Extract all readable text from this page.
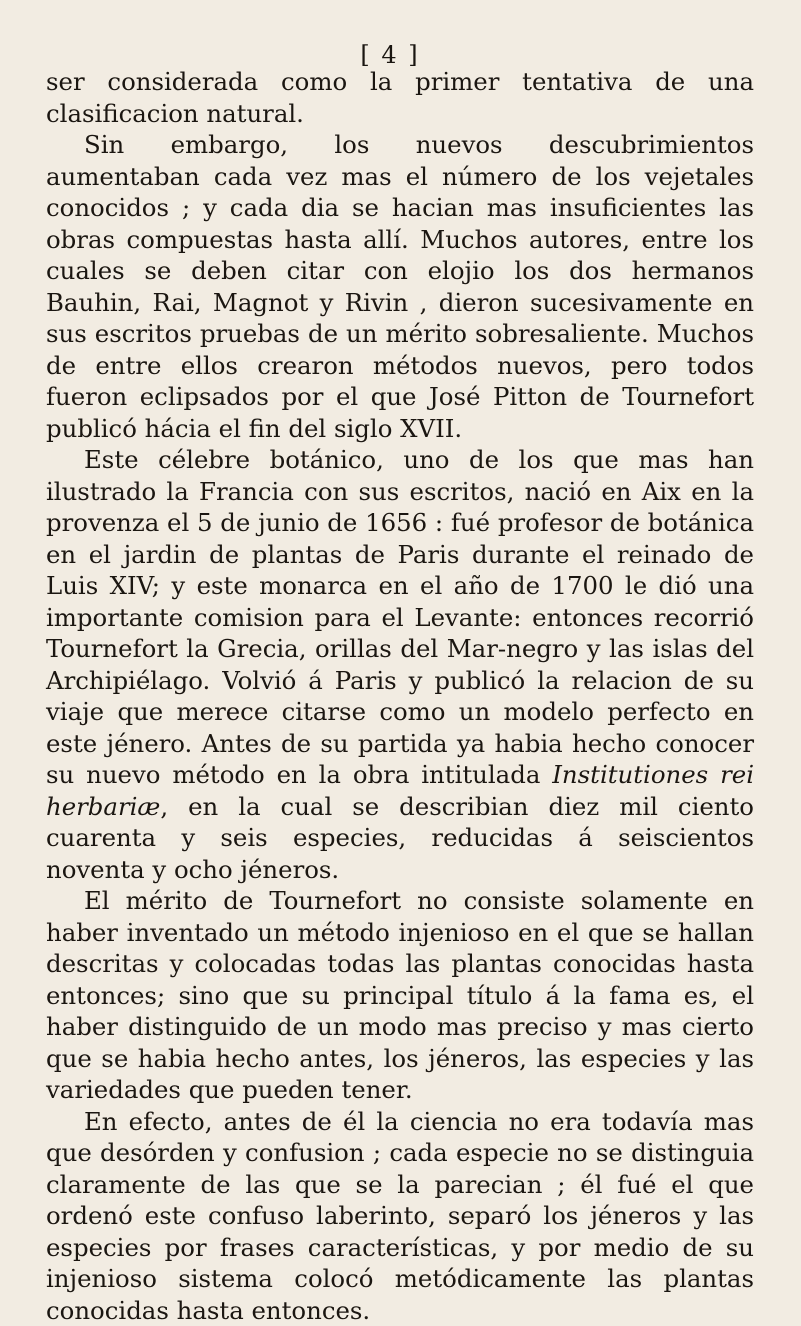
[ 4 ]

ser considerada como la primer tentativa de una clasificacion natural.

Sin embargo, los nuevos descubrimientos aumentaban cada vez mas el número de los vejetales conocidos ; y cada dia se hacian mas insuficientes las obras compuestas hasta allí. Muchos autores, entre los cuales se deben citar con elojio los dos hermanos Bauhin, Rai, Magnot y Rivin , dieron sucesivamente en sus escritos pruebas de un mérito sobresaliente. Muchos de entre ellos crearon métodos nuevos, pero todos fueron eclipsados por el que José Pitton de Tournefort publicó hácia el fin del siglo XVII.

Este célebre botánico, uno de los que mas han ilustrado la Francia con sus escritos, nació en Aix en la provenza el 5 de junio de 1656 : fué profesor de botánica en el jardin de plantas de Paris durante el reinado de Luis XIV; y este monarca en el año de 1700 le dió una importante comision para el Levante: entonces recorrió Tournefort la Grecia, orillas del Mar-negro y las islas del Archipiélago. Volvió á Paris y publicó la relacion de su viaje que merece citarse como un modelo perfecto en este jénero. Antes de su partida ya habia hecho conocer su nuevo método en la obra intitulada Institutiones rei herbariæ, en la cual se describian diez mil ciento cuarenta y seis especies, reducidas á seiscientos noventa y ocho jéneros.

El mérito de Tournefort no consiste solamente en haber inventado un método injenioso en el que se hallan descritas y colocadas todas las plantas conocidas hasta entonces; sino que su principal título á la fama es, el haber distinguido de un modo mas preciso y mas cierto que se habia hecho antes, los jéneros, las especies y las variedades que pueden tener.

En efecto, antes de él la ciencia no era todavía mas que desórden y confusion ; cada especie no se distinguia claramente de las que se la parecian ; él fué el que ordenó este confuso laberinto, separó los jéneros y las especies por frases características, y por medio de su injenioso sistema colocó metódicamente las plantas conocidas hasta entonces.
